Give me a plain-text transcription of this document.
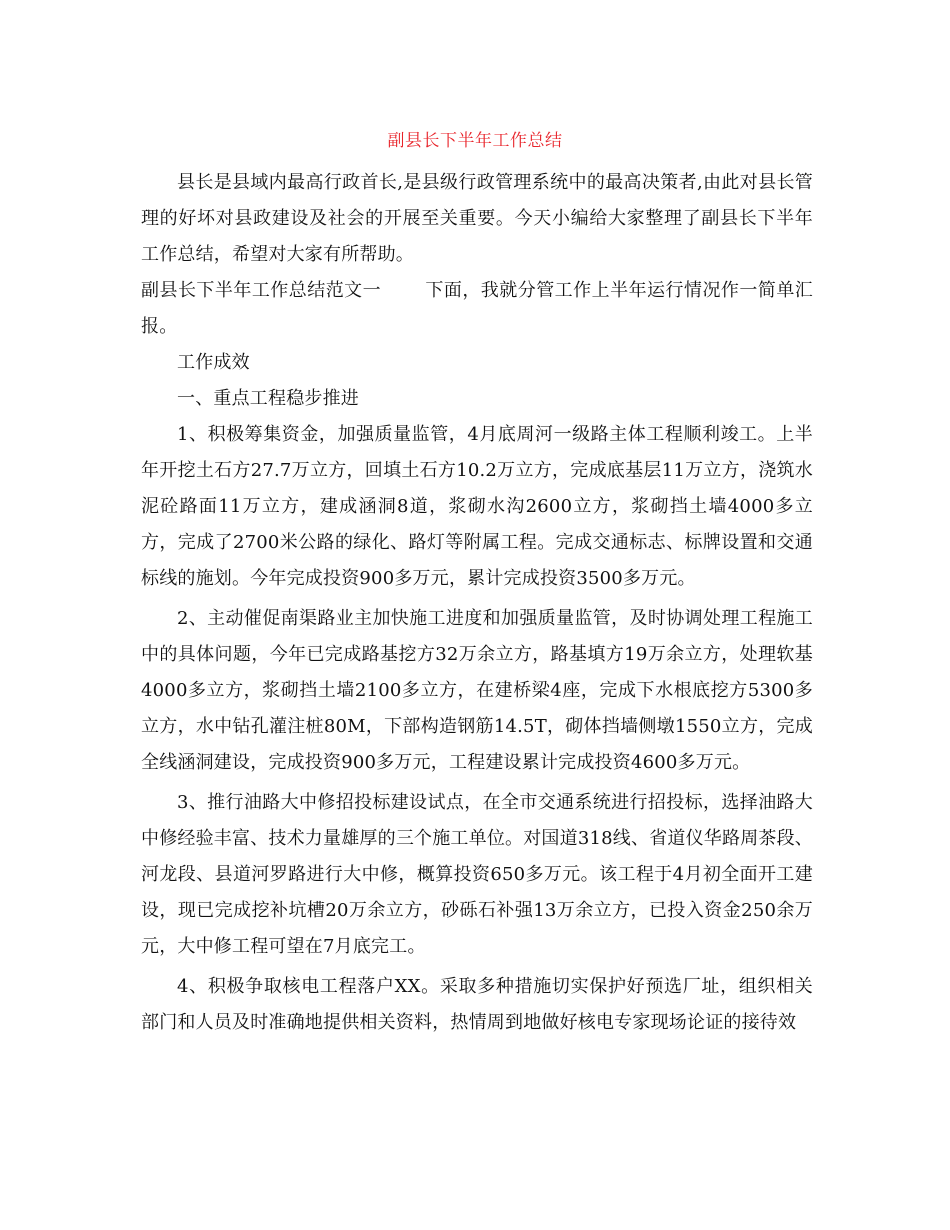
副县长下半年工作总结

县长是县域内最高行政首长,是县级行政管理系统中的最高决策者,由此对县长管理的好坏对县政建设及社会的开展至关重要。今天小编给大家整理了副县长下半年工作总结，希望对大家有所帮助。

副县长下半年工作总结范文一 下面，我就分管工作上半年运行情况作一简单汇报。

工作成效

一、重点工程稳步推进

1、积极筹集资金，加强质量监管，4月底周河一级路主体工程顺利竣工。上半年开挖土石方27.7万立方，回填土石方10.2万立方，完成底基层11万立方，浇筑水泥砼路面11万立方，建成涵洞8道，浆砌水沟2600立方，浆砌挡土墙4000多立方，完成了2700米公路的绿化、路灯等附属工程。完成交通标志、标牌设置和交通标线的施划。今年完成投资900多万元，累计完成投资3500多万元。

2、主动催促南渠路业主加快施工进度和加强质量监管，及时协调处理工程施工中的具体问题，今年已完成路基挖方32万余立方，路基填方19万余立方，处理软基4000多立方，浆砌挡土墙2100多立方，在建桥梁4座，完成下水根底挖方5300多立方，水中钻孔灌注桩80M，下部构造钢筋14.5T，砌体挡墙侧墩1550立方，完成全线涵洞建设，完成投资900多万元，工程建设累计完成投资4600多万元。

3、推行油路大中修招投标建设试点，在全市交通系统进行招投标，选择油路大中修经验丰富、技术力量雄厚的三个施工单位。对国道318线、省道仪华路周茶段、河龙段、县道河罗路进行大中修，概算投资650多万元。该工程于4月初全面开工建设，现已完成挖补坑槽20万余立方，砂砾石补强13万余立方，已投入资金250余万元，大中修工程可望在7月底完工。

4、积极争取核电工程落户XX。采取多种措施切实保护好预选厂址，组织相关部门和人员及时准确地提供相关资料，热情周到地做好核电专家现场论证的接待效
